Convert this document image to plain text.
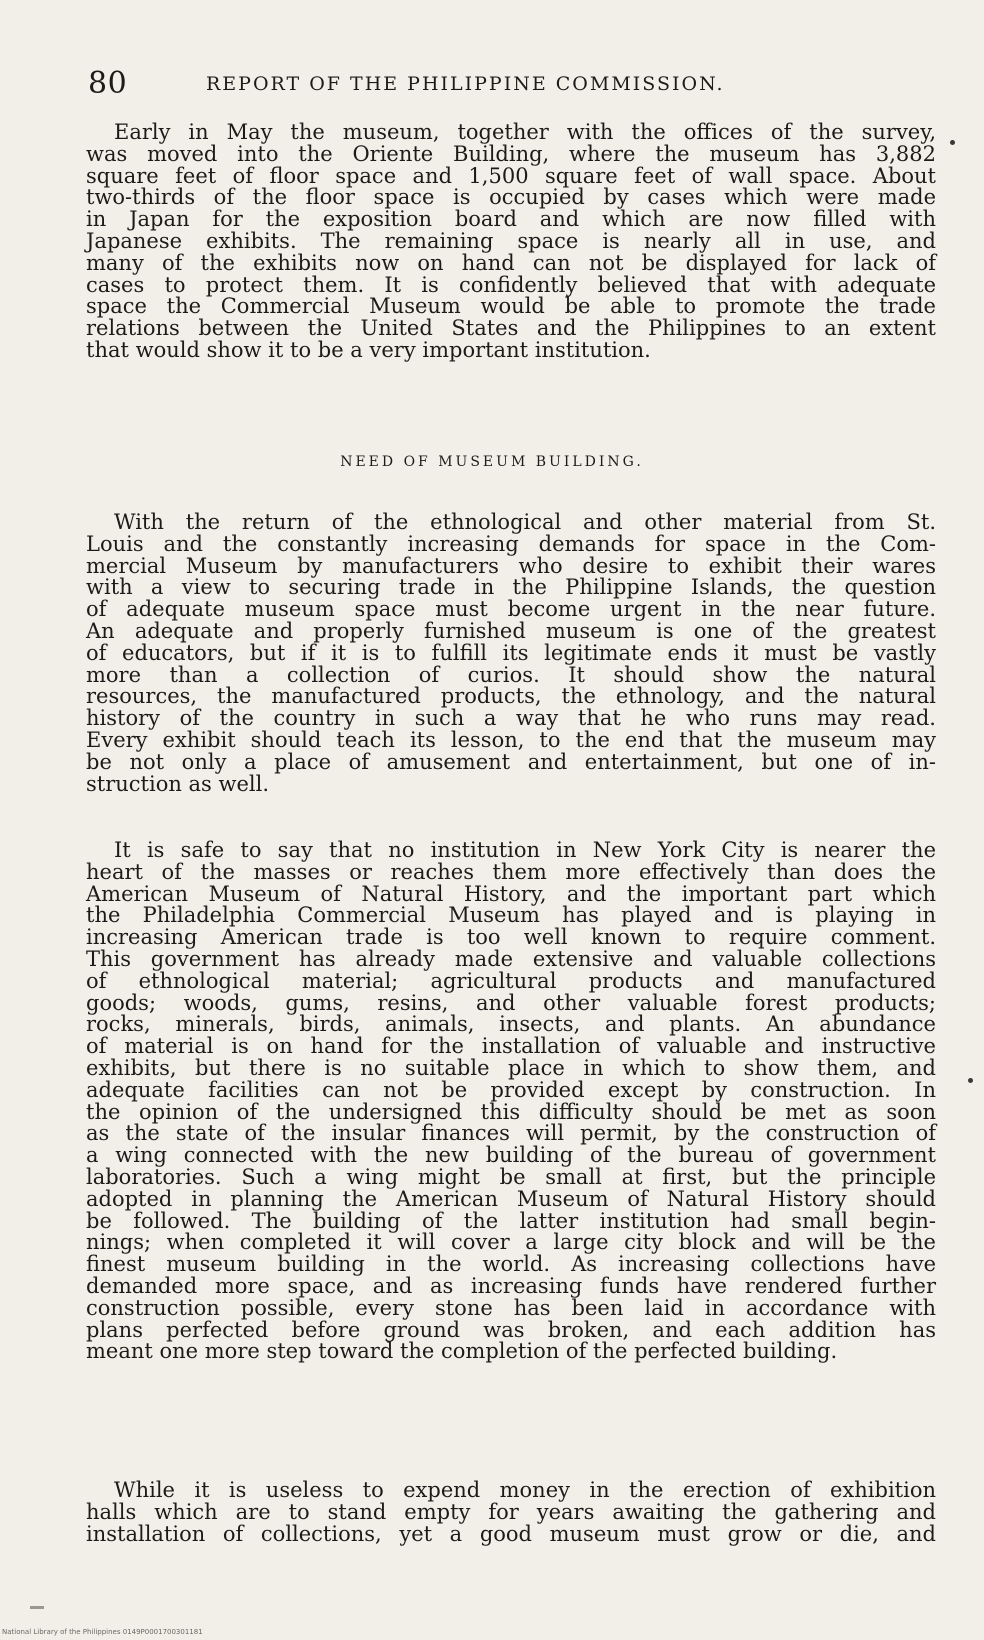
80	REPORT OF THE PHILIPPINE COMMISSION.
Early in May the museum, together with the offices of the survey,
was moved into the Oriente Building, where the museum has 3,882
square feet of floor space and 1,500 square feet of wall space. About
two-thirds of the floor space is occupied by cases which were made
in Japan for the exposition board and which are now filled with
Japanese exhibits. The remaining space is nearly all in use, and
many of the exhibits now on hand can not be displayed for lack of
cases to protect them. It is confidently believed that with adequate
space the Commercial Museum would be able to promote the trade
relations between the United States and the Philippines to an extent
that would show it to be a very important institution.
NEED OF MUSEUM BUILDING.
With the return of the ethnological and other material from St.
Louis and the constantly increasing demands for space in the Com-
mercial Museum by manufacturers who desire to exhibit their wares
with a view to securing trade in the Philippine Islands, the question
of adequate museum space must become urgent in the near future.
An adequate and properly furnished museum is one of the greatest
of educators, but if it is to fulfill its legitimate ends it must be vastly
more than a collection of curios. It should show the natural
resources, the manufactured products, the ethnology, and the natural
history of the country in such a way that he who runs may read.
Every exhibit should teach its lesson, to the end that the museum may
be not only a place of amusement and entertainment, but one of in-
struction as well.
It is safe to say that no institution in New York City is nearer the
heart of the masses or reaches them more effectively than does the
American Museum of Natural History, and the important part which
the Philadelphia Commercial Museum has played and is playing in
increasing American trade is too well known to require comment.
This government has already made extensive and valuable collections
of ethnological material; agricultural products and manufactured
goods; woods, gums, resins, and other valuable forest products;
rocks, minerals, birds, animals, insects, and plants. An abundance
of material is on hand for the installation of valuable and instructive
exhibits, but there is no suitable place in which to show them, and
adequate facilities can not be provided except by construction. In
the opinion of the undersigned this difficulty should be met as soon
as the state of the insular finances will permit, by the construction of
a wing connected with the new building of the bureau of government
laboratories. Such a wing might be small at first, but the principle
adopted in planning the American Museum of Natural History should
be followed. The building of the latter institution had small begin-
nings; when completed it will cover a large city block and will be the
finest museum building in the world. As increasing collections have
demanded more space, and as increasing funds have rendered further
construction possible, every stone has been laid in accordance with
plans perfected before ground was broken, and each addition has
meant one more step toward the completion of the perfected building.
While it is useless to expend money in the erection of exhibition
halls which are to stand empty for years awaiting the gathering and
installation of collections, yet a good museum must grow or die, and
National Library of the Philippines 0149P0001700301181
